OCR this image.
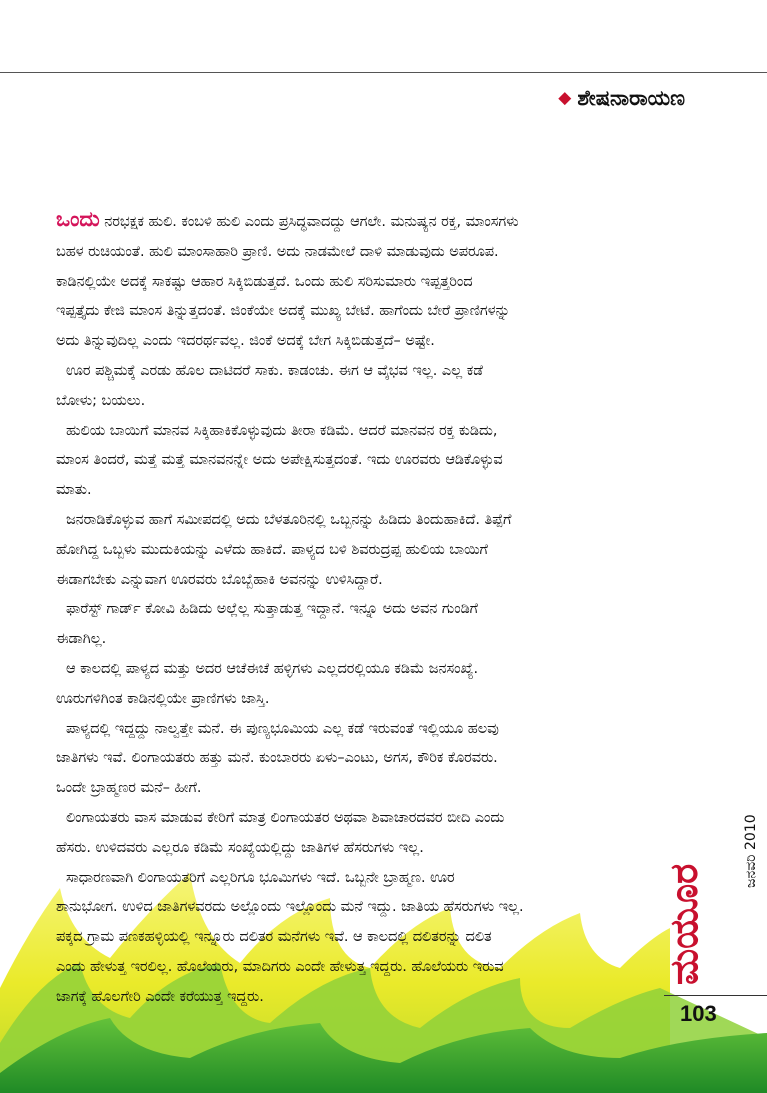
◆ ಶೇಷನಾರಾಯಣ

ಒಂದು ನರಭಕ್ಷಕ ಹುಲಿ. ಕಂಬಳಿ ಹುಲಿ ಎಂದು ಪ್ರಸಿದ್ಧವಾದದ್ದು ಆಗಲೇ. ಮನುಷ್ಯನ ರಕ್ತ, ಮಾಂಸಗಳು

ಬಹಳ ರುಚಿಯಂತೆ. ಹುಲಿ ಮಾಂಸಾಹಾರಿ ಪ್ರಾಣಿ. ಅದು ನಾಡಮೇಲೆ ದಾಳಿ ಮಾಡುವುದು ಅಪರೂಪ.

ಕಾಡಿನಲ್ಲಿಯೇ ಅದಕ್ಕೆ ಸಾಕಷ್ಟು ಆಹಾರ ಸಿಕ್ಕಿಬಿಡುತ್ತದೆ. ಒಂದು ಹುಲಿ ಸರಿಸುಮಾರು ಇಪ್ಪತ್ತರಿಂದ

ಇಪ್ಪತ್ತೈದು ಕೇಜಿ ಮಾಂಸ ತಿನ್ನುತ್ತದಂತೆ. ಜಿಂಕೆಯೇ ಅದಕ್ಕೆ ಮುಖ್ಯ ಬೇಟೆ. ಹಾಗೆಂದು ಬೇರೆ ಪ್ರಾಣಿಗಳನ್ನು

ಅದು ತಿನ್ನುವುದಿಲ್ಲ ಎಂದು ಇದರರ್ಥವಲ್ಲ. ಜಿಂಕೆ ಅದಕ್ಕೆ ಬೇಗ ಸಿಕ್ಕಿಬಿಡುತ್ತದೆ– ಅಷ್ಟೇ.

ಊರ ಪಶ್ಚಿಮಕ್ಕೆ ಎರಡು ಹೊಲ ದಾಟಿದರೆ ಸಾಕು. ಕಾಡಂಚು. ಈಗ ಆ ವೈಭವ ಇಲ್ಲ. ಎಲ್ಲ ಕಡೆ

ಬೋಳು; ಬಯಲು.

ಹುಲಿಯ ಬಾಯಿಗೆ ಮಾನವ ಸಿಕ್ಕಿಹಾಕಿಕೊಳ್ಳುವುದು ತೀರಾ ಕಡಿಮೆ. ಆದರೆ ಮಾನವನ ರಕ್ತ ಕುಡಿದು,

ಮಾಂಸ ತಿಂದರೆ, ಮತ್ತೆ ಮತ್ತೆ ಮಾನವನನ್ನೇ ಅದು ಅಪೇಕ್ಷಿಸುತ್ತದಂತೆ. ಇದು ಊರವರು ಆಡಿಕೊಳ್ಳುವ

ಮಾತು.

ಜನರಾಡಿಕೊಳ್ಳುವ ಹಾಗೆ ಸಮೀಪದಲ್ಲಿ ಅದು ಬೆಳತೂರಿನಲ್ಲಿ ಒಬ್ಬನನ್ನು ಹಿಡಿದು ತಿಂದುಹಾಕಿದೆ. ತಿಪ್ಪೆಗೆ

ಹೋಗಿದ್ದ ಒಬ್ಬಳು ಮುದುಕಿಯನ್ನು ಎಳೆದು ಹಾಕಿದೆ. ಪಾಳ್ಯದ ಬಳಿ ಶಿವರುದ್ರಪ್ಪ ಹುಲಿಯ ಬಾಯಿಗೆ

ಈಡಾಗಬೇಕು ಎನ್ನುವಾಗ ಊರವರು ಬೊಬ್ಬೆಹಾಕಿ ಅವನನ್ನು ಉಳಿಸಿದ್ದಾರೆ.

ಫಾರೆಸ್ಟ್ ಗಾರ್ಡ್ ಕೋವಿ ಹಿಡಿದು ಅಲ್ಲೆಲ್ಲ ಸುತ್ತಾಡುತ್ತ ಇದ್ದಾನೆ. ಇನ್ನೂ ಅದು ಅವನ ಗುಂಡಿಗೆ

ಈಡಾಗಿಲ್ಲ.

ಆ ಕಾಲದಲ್ಲಿ ಪಾಳ್ಯದ ಮತ್ತು ಅದರ ಆಚೆಈಚೆ ಹಳ್ಳಿಗಳು ಎಲ್ಲದರಲ್ಲಿಯೂ ಕಡಿಮೆ ಜನಸಂಖ್ಯೆ.

ಊರುಗಳಿಗಿಂತ ಕಾಡಿನಲ್ಲಿಯೇ ಪ್ರಾಣಿಗಳು ಜಾಸ್ತಿ.

ಪಾಳ್ಯದಲ್ಲಿ ಇದ್ದದ್ದು ನಾಲ್ವತ್ತೇ ಮನೆ. ಈ ಪುಣ್ಯಭೂಮಿಯ ಎಲ್ಲ ಕಡೆ ಇರುವಂತೆ ಇಲ್ಲಿಯೂ ಹಲವು

ಜಾತಿಗಳು ಇವೆ. ಲಿಂಗಾಯತರು ಹತ್ತು ಮನೆ. ಕುಂಬಾರರು ಏಳು–ಎಂಟು, ಅಗಸ, ಕೌರಿಕ ಕೊರವರು.

ಒಂದೇ ಬ್ರಾಹ್ಮಣರ ಮನೆ– ಹೀಗೆ.

ಲಿಂಗಾಯತರು ವಾಸ ಮಾಡುವ ಕೇರಿಗೆ ಮಾತ್ರ ಲಿಂಗಾಯತರ ಅಥವಾ ಶಿವಾಚಾರದವರ ಬೀದಿ ಎಂದು

ಹೆಸರು. ಉಳಿದವರು ಎಲ್ಲರೂ ಕಡಿಮೆ ಸಂಖ್ಯೆಯಲ್ಲಿದ್ದು ಜಾತಿಗಳ ಹೆಸರುಗಳು ಇಲ್ಲ.

ಸಾಧಾರಣವಾಗಿ ಲಿಂಗಾಯತರಿಗೆ ಎಲ್ಲರಿಗೂ ಭೂಮಿಗಳು ಇದೆ. ಒಬ್ಬನೇ ಬ್ರಾಹ್ಮಣ. ಊರ

ಶಾನುಭೋಗ. ಉಳಿದ ಜಾತಿಗಳವರದು ಅಲ್ಲೊಂದು ಇಲ್ಲೊಂದು ಮನೆ ಇದ್ದು. ಜಾತಿಯ ಹೆಸರುಗಳು ಇಲ್ಲ.

ಪಕ್ಕದ ಗ್ರಾಮ ಪಣಕಹಳ್ಳಿಯಲ್ಲಿ ಇನ್ನೂರು ದಲಿತರ ಮನೆಗಳು ಇವೆ. ಆ ಕಾಲದಲ್ಲಿ ದಲಿತರನ್ನು ದಲಿತ

ಎಂದು ಹೇಳುತ್ತ ಇರಲಿಲ್ಲ. ಹೊಲೆಯರು, ಮಾದಿಗರು ಎಂದೇ ಹೇಳುತ್ತ ಇದ್ದರು. ಹೊಲೆಯರು ಇರುವ

ಜಾಗಕ್ಕೆ ಹೊಲಗೇರಿ ಎಂದೇ ಕರೆಯುತ್ತ ಇದ್ದರು.

ಜನವರಿ 2010
ಮಯೂರ
103
